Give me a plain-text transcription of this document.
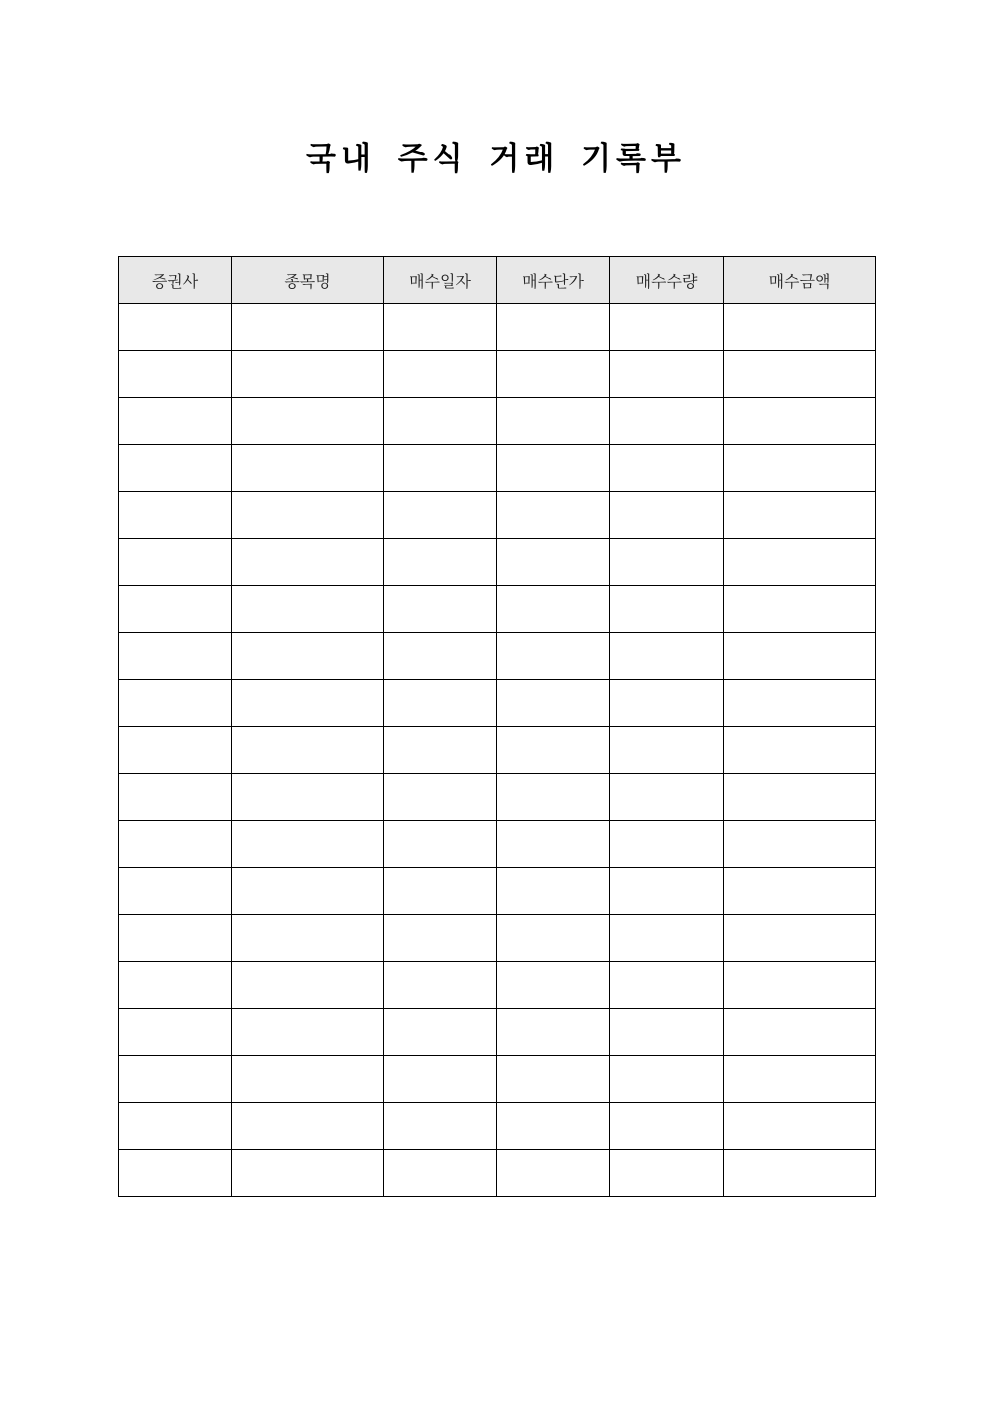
국내 주식 거래 기록부
증권사	종목명	매수일자	매수단가	매수수량	매수금액
